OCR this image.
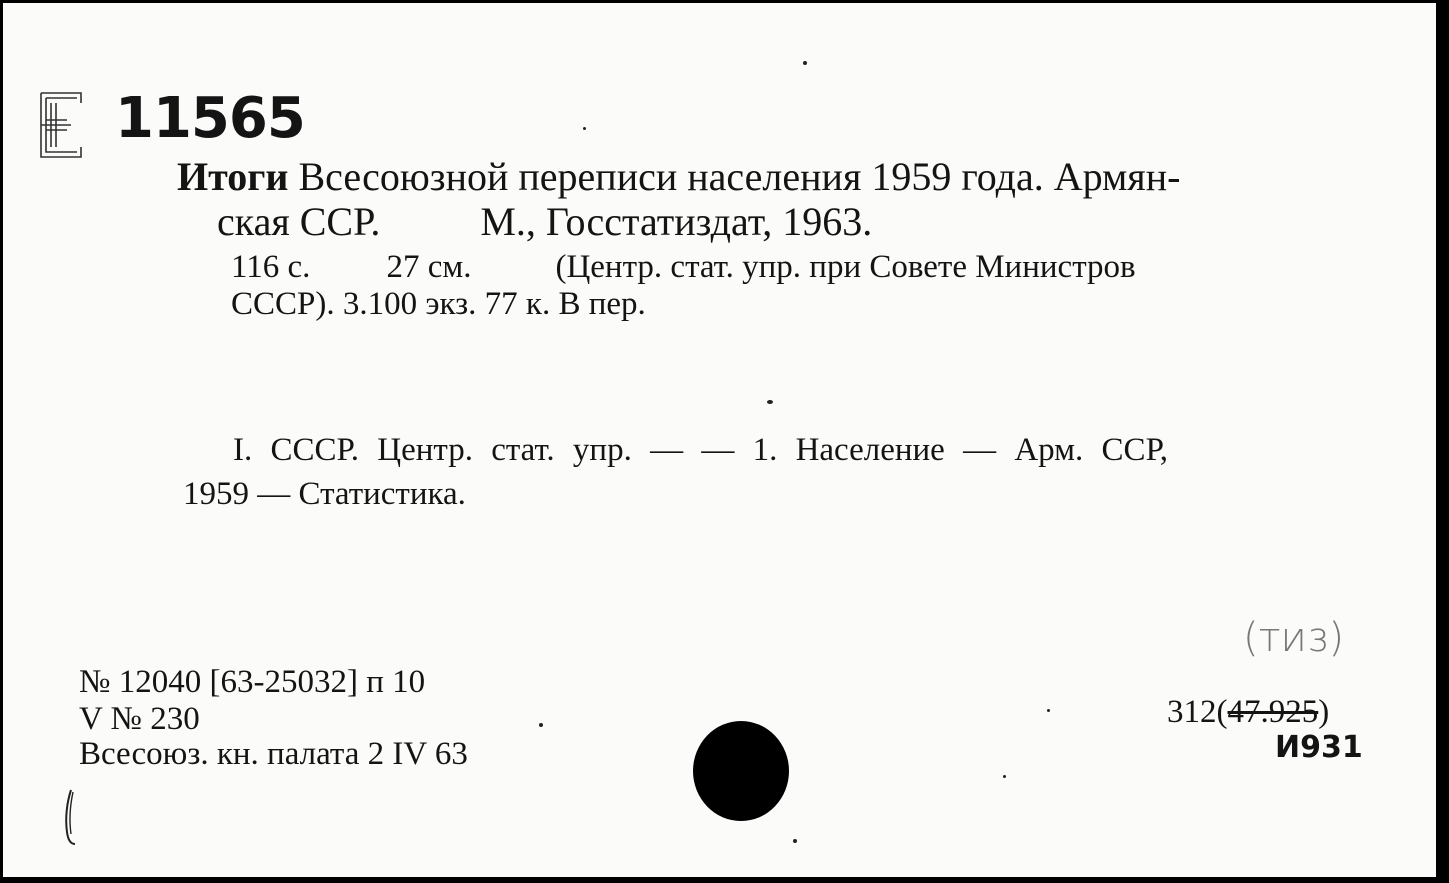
11565
Итоги Всесоюзной переписи населения 1959 года. Армян-
ская ССР.	М., Госстатиздат, 1963.
116 с. 27 см.	(Центр. стат. упр. при Совете Министров
СССР). 3.100 экз. 77 к. В пер.
I. СССР. Центр. стат. упр. — — 1. Население — Арм. ССР,
1959 — Статистика.
№ 12040 [63-25032] п 10
V № 230
Всесоюз. кн. палата 2 IV 63
(тиз)
312(47.925)
И931
